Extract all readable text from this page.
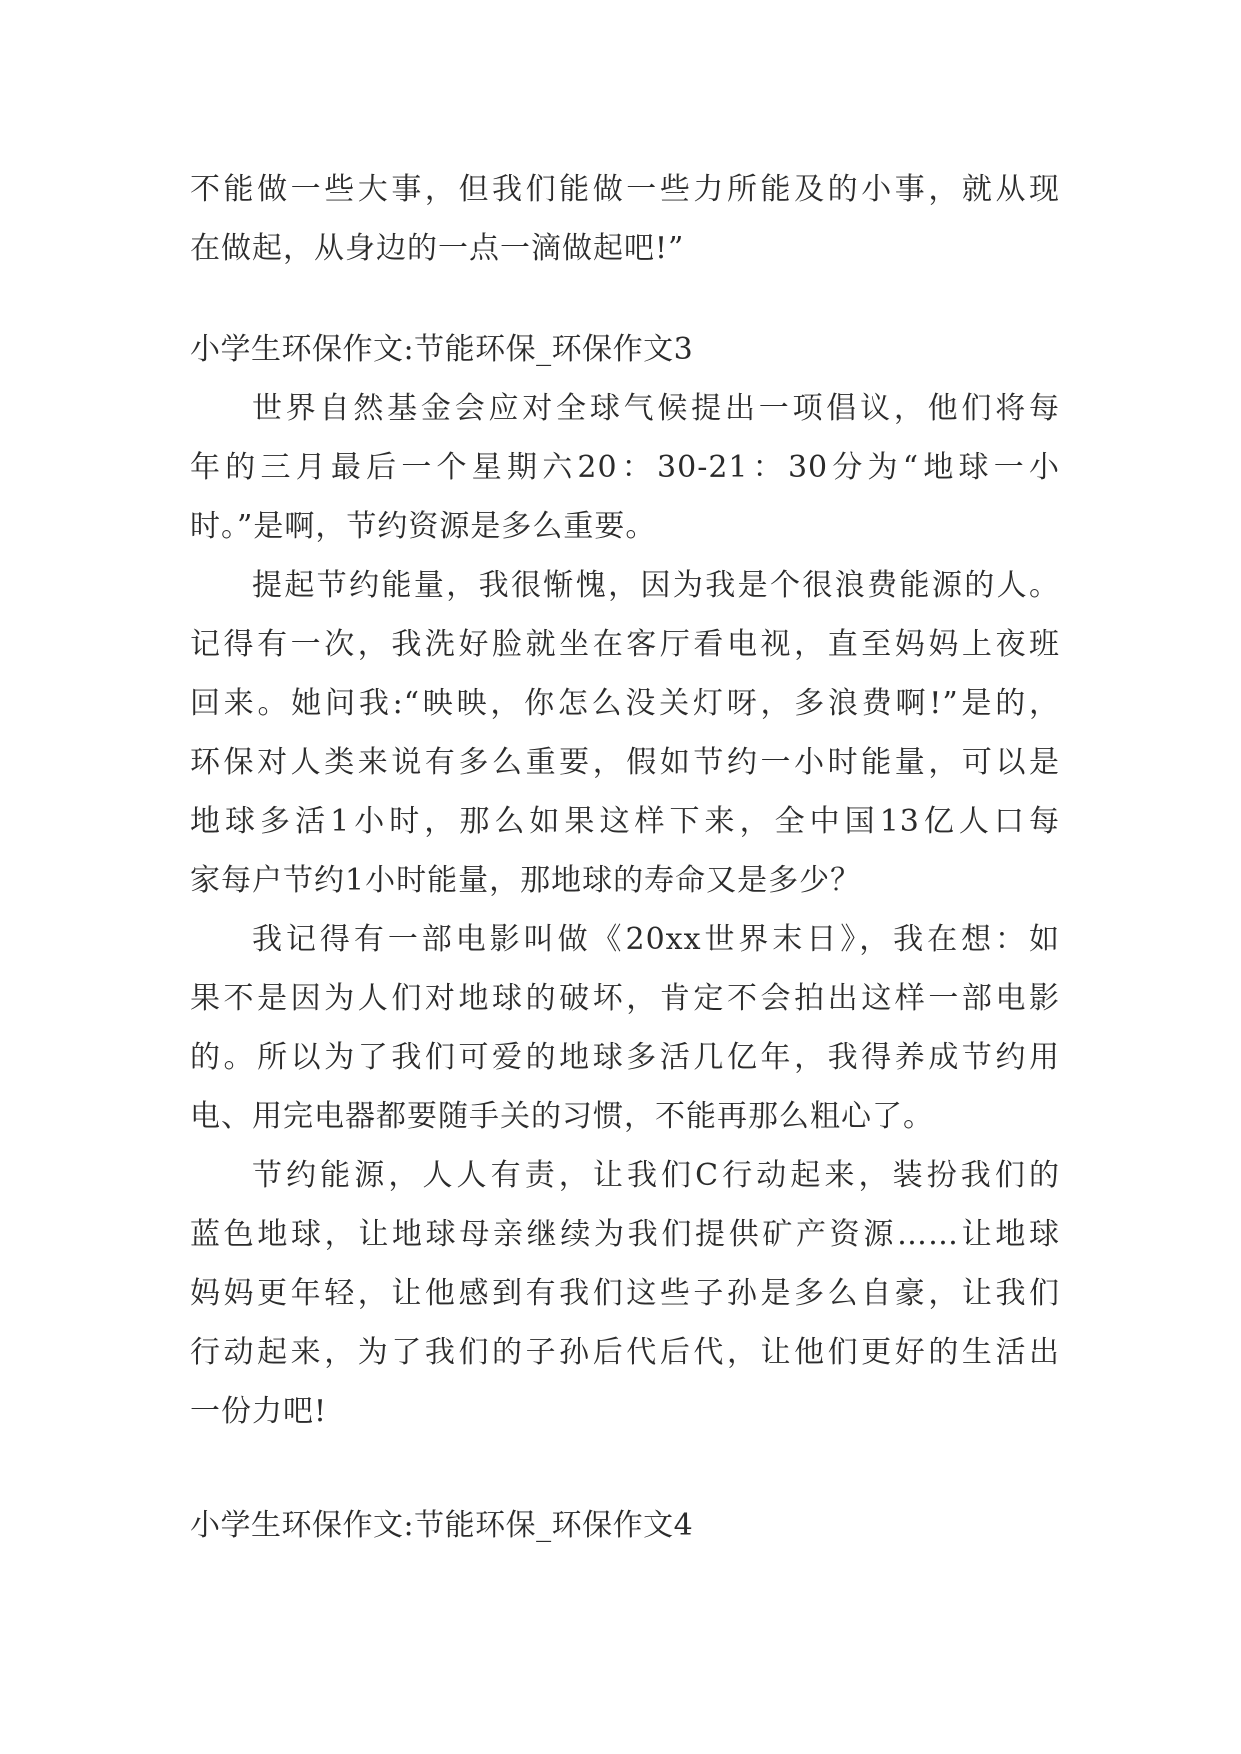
不能做一些大事，但我们能做一些力所能及的小事，就从现
在做起，从身边的一点一滴做起吧!”
小学生环保作文:节能环保_环保作文3
世界自然基金会应对全球气候提出一项倡议，他们将每
年的三月最后一个星期六20：30-21：30分为“地球一小
时。”是啊，节约资源是多么重要。
提起节约能量，我很惭愧，因为我是个很浪费能源的人。
记得有一次，我洗好脸就坐在客厅看电视，直至妈妈上夜班
回来。她问我:“映映，你怎么没关灯呀，多浪费啊!”是的，
环保对人类来说有多么重要，假如节约一小时能量，可以是
地球多活1小时，那么如果这样下来，全中国13亿人口每
家每户节约1小时能量，那地球的寿命又是多少？
我记得有一部电影叫做《20xx世界末日》，我在想：如
果不是因为人们对地球的破坏，肯定不会拍出这样一部电影
的。所以为了我们可爱的地球多活几亿年，我得养成节约用
电、用完电器都要随手关的习惯，不能再那么粗心了。
节约能源，人人有责，让我们C行动起来，装扮我们的
蓝色地球，让地球母亲继续为我们提供矿产资源……让地球
妈妈更年轻，让他感到有我们这些子孙是多么自豪，让我们
行动起来，为了我们的子孙后代后代，让他们更好的生活出
一份力吧!
小学生环保作文:节能环保_环保作文4
